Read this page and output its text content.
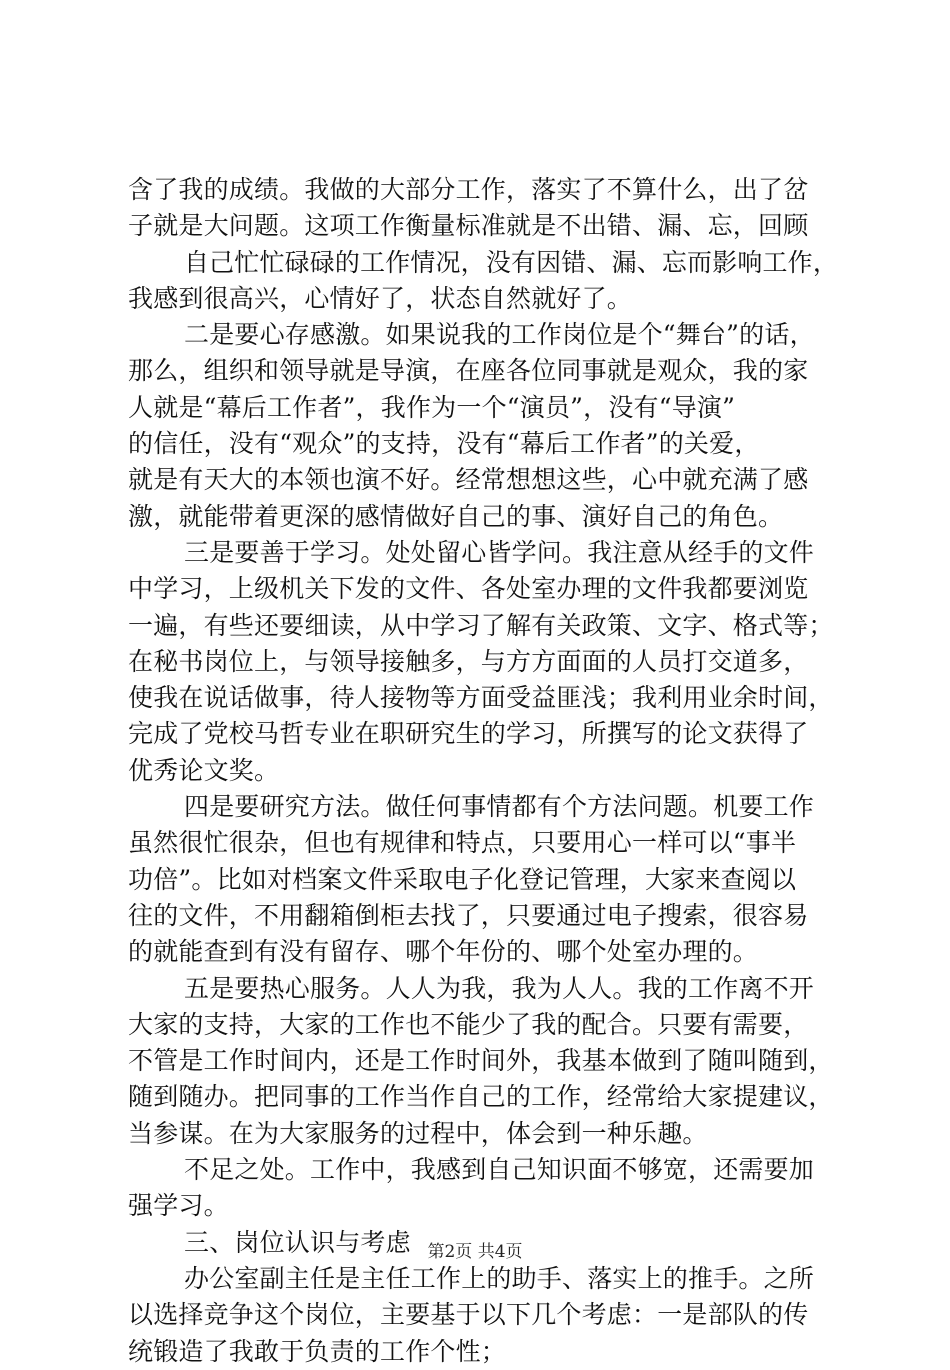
含了我的成绩。我做的大部分工作，落实了不算什么，出了岔
子就是大问题。这项工作衡量标准就是不出错、漏、忘，回顾
自己忙忙碌碌的工作情况，没有因错、漏、忘而影响工作，
我感到很高兴，心情好了，状态自然就好了。
二是要心存感激。如果说我的工作岗位是个“舞台”的话，
那么，组织和领导就是导演，在座各位同事就是观众，我的家
人就是“幕后工作者”，我作为一个“演员”，没有“导演”
的信任，没有“观众”的支持，没有“幕后工作者”的关爱，
就是有天大的本领也演不好。经常想想这些，心中就充满了感
激，就能带着更深的感情做好自己的事、演好自己的角色。
三是要善于学习。处处留心皆学问。我注意从经手的文件
中学习，上级机关下发的文件、各处室办理的文件我都要浏览
一遍，有些还要细读，从中学习了解有关政策、文字、格式等；
在秘书岗位上，与领导接触多，与方方面面的人员打交道多，
使我在说话做事，待人接物等方面受益匪浅；我利用业余时间，
完成了党校马哲专业在职研究生的学习，所撰写的论文获得了
优秀论文奖。
四是要研究方法。做任何事情都有个方法问题。机要工作
虽然很忙很杂，但也有规律和特点，只要用心一样可以“事半
功倍”。比如对档案文件采取电子化登记管理，大家来查阅以
往的文件，不用翻箱倒柜去找了，只要通过电子搜索，很容易
的就能查到有没有留存、哪个年份的、哪个处室办理的。
五是要热心服务。人人为我，我为人人。我的工作离不开
大家的支持，大家的工作也不能少了我的配合。只要有需要，
不管是工作时间内，还是工作时间外，我基本做到了随叫随到，
随到随办。把同事的工作当作自己的工作，经常给大家提建议，
当参谋。在为大家服务的过程中，体会到一种乐趣。
不足之处。工作中，我感到自己知识面不够宽，还需要加
强学习。
三、岗位认识与考虑
办公室副主任是主任工作上的助手、落实上的推手。之所
以选择竞争这个岗位，主要基于以下几个考虑：一是部队的传
统锻造了我敢于负责的工作个性；
第2页 共4页
